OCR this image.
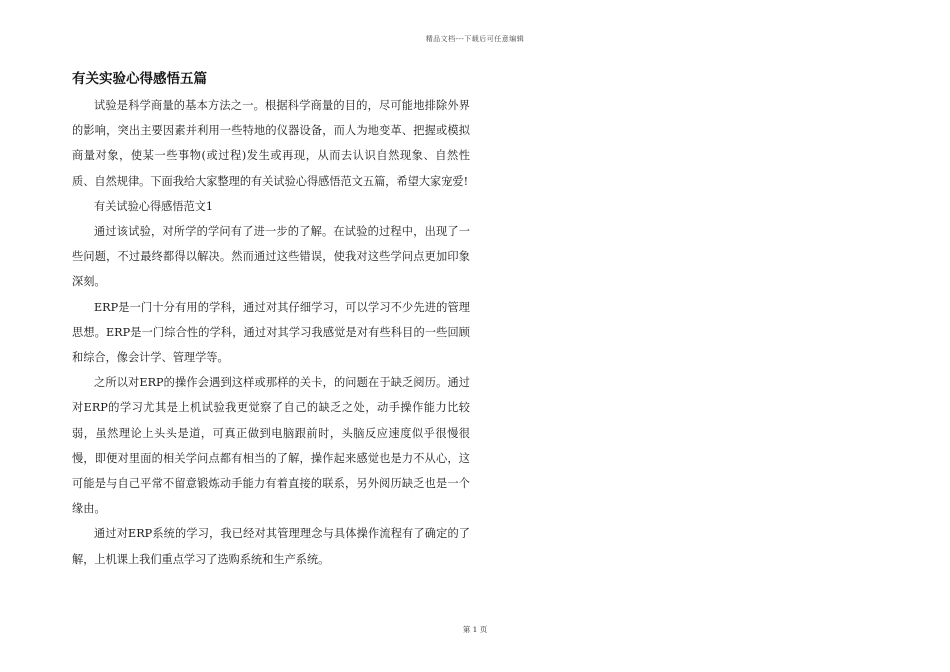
精品文档---下载后可任意编辑
有关实验心得感悟五篇

试验是科学商量的基本方法之一。根据科学商量的目的，尽可能地排除外界的影响，突出主要因素并利用一些特地的仪器设备，而人为地变革、把握或模拟商量对象，使某一些事物(或过程)发生或再现，从而去认识自然现象、自然性质、自然规律。下面我给大家整理的有关试验心得感悟范文五篇，希望大家宠爱!

有关试验心得感悟范文1

通过该试验，对所学的学问有了进一步的了解。在试验的过程中，出现了一些问题，不过最终都得以解决。然而通过这些错误，使我对这些学问点更加印象深刻。

ERP是一门十分有用的学科，通过对其仔细学习，可以学习不少先进的管理思想。ERP是一门综合性的学科，通过对其学习我感觉是对有些科目的一些回顾和综合，像会计学、管理学等。

之所以对ERP的操作会遇到这样或那样的关卡，的问题在于缺乏阅历。通过对ERP的学习尤其是上机试验我更觉察了自己的缺乏之处，动手操作能力比较弱，虽然理论上头头是道，可真正做到电脑跟前时，头脑反应速度似乎很慢很慢，即便对里面的相关学问点都有相当的了解，操作起来感觉也是力不从心，这可能是与自己平常不留意锻炼动手能力有着直接的联系，另外阅历缺乏也是一个缘由。

通过对ERP系统的学习，我已经对其管理理念与具体操作流程有了确定的了解，上机课上我们重点学习了选购系统和生产系统。

第 1 页
